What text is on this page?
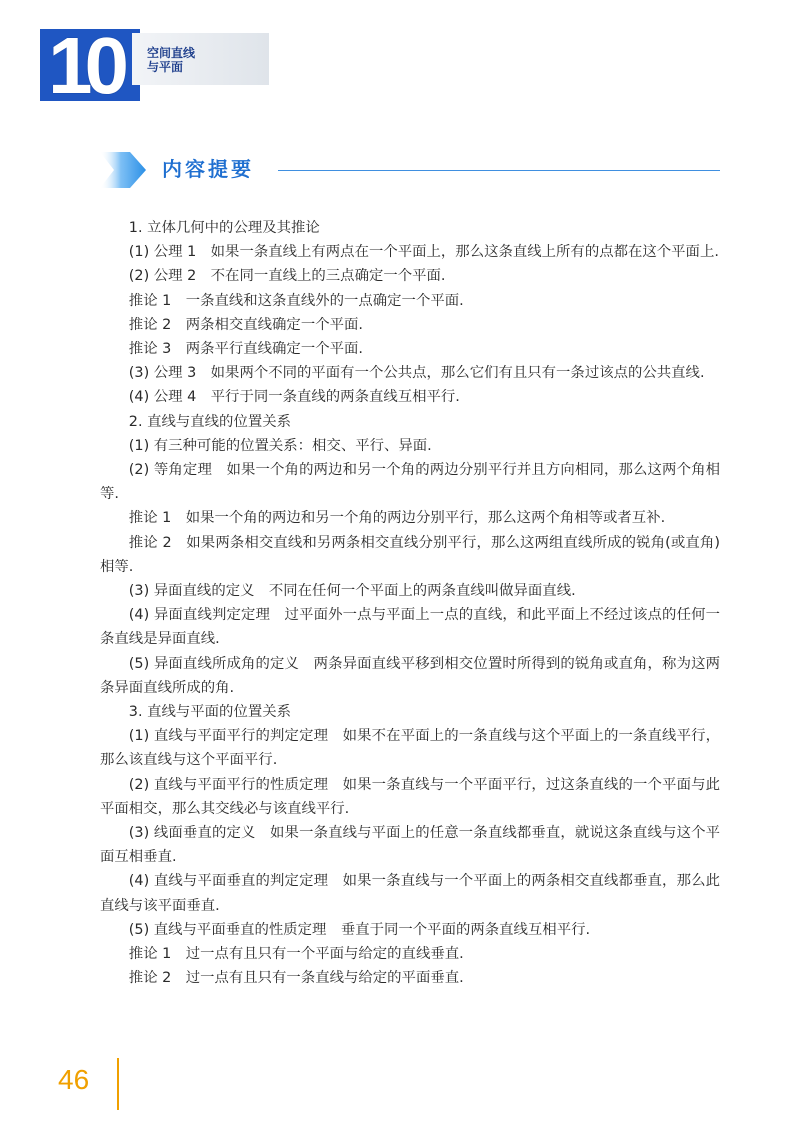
10	空间直线
与平面
内容提要

1. 立体几何中的公理及其推论

(1) 公理 1　如果一条直线上有两点在一个平面上，那么这条直线上所有的点都在这个平面上.

(2) 公理 2　不在同一直线上的三点确定一个平面.

推论 1　一条直线和这条直线外的一点确定一个平面.

推论 2　两条相交直线确定一个平面.

推论 3　两条平行直线确定一个平面.

(3) 公理 3　如果两个不同的平面有一个公共点，那么它们有且只有一条过该点的公共直线.

(4) 公理 4　平行于同一条直线的两条直线互相平行.

2. 直线与直线的位置关系

(1) 有三种可能的位置关系：相交、平行、异面.

(2) 等角定理　如果一个角的两边和另一个角的两边分别平行并且方向相同，那么这两个角相等.

推论 1　如果一个角的两边和另一个角的两边分别平行，那么这两个角相等或者互补.

推论 2　如果两条相交直线和另两条相交直线分别平行，那么这两组直线所成的锐角(或直角)相等.

(3) 异面直线的定义　不同在任何一个平面上的两条直线叫做异面直线.

(4) 异面直线判定定理　过平面外一点与平面上一点的直线，和此平面上不经过该点的任何一条直线是异面直线.

(5) 异面直线所成角的定义　两条异面直线平移到相交位置时所得到的锐角或直角，称为这两条异面直线所成的角.

3. 直线与平面的位置关系

(1) 直线与平面平行的判定定理　如果不在平面上的一条直线与这个平面上的一条直线平行，那么该直线与这个平面平行.

(2) 直线与平面平行的性质定理　如果一条直线与一个平面平行，过这条直线的一个平面与此平面相交，那么其交线必与该直线平行.

(3) 线面垂直的定义　如果一条直线与平面上的任意一条直线都垂直，就说这条直线与这个平面互相垂直.

(4) 直线与平面垂直的判定定理　如果一条直线与一个平面上的两条相交直线都垂直，那么此直线与该平面垂直.

(5) 直线与平面垂直的性质定理　垂直于同一个平面的两条直线互相平行.

推论 1　过一点有且只有一个平面与给定的直线垂直.

推论 2　过一点有且只有一条直线与给定的平面垂直.

46
